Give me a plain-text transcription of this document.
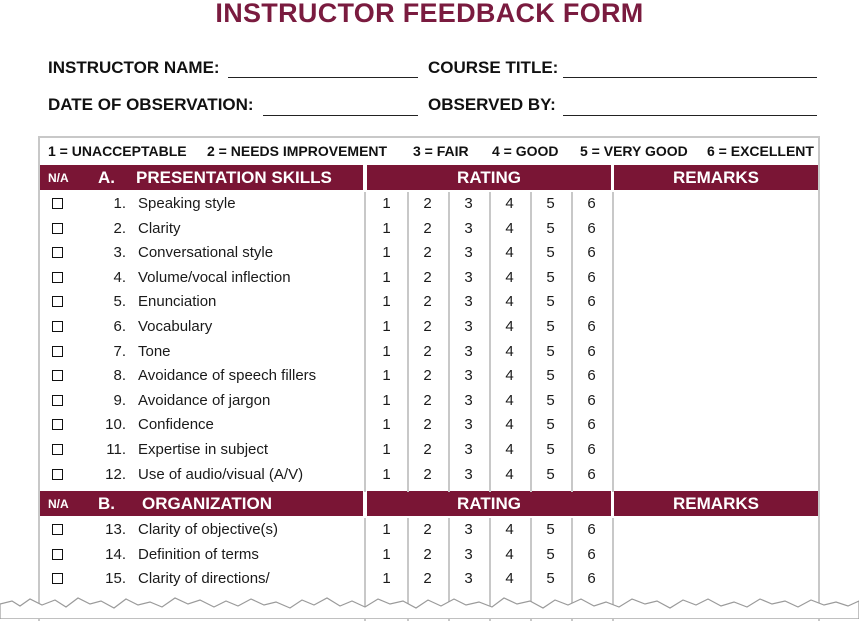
INSTRUCTOR FEEDBACK FORM
INSTRUCTOR NAME:	COURSE TITLE:
DATE OF OBSERVATION:	OBSERVED BY:
1 = UNACCEPTABLE 2 = NEEDS IMPROVEMENT 3 = FAIR 4 = GOOD 5 = VERY GOOD 6 = EXCELLENT
N/A A. PRESENTATION SKILLS	RATING	REMARKS
1. Speaking style	1	2	3	4	5	6
2. Clarity	1	2	3	4	5	6
3. Conversational style	1	2	3	4	5	6
4. Volume/vocal inflection	1	2	3	4	5	6
5. Enunciation	1	2	3	4	5	6
6. Vocabulary	1	2	3	4	5	6
7. Tone	1	2	3	4	5	6
8. Avoidance of speech fillers	1	2	3	4	5	6
9. Avoidance of jargon	1	2	3	4	5	6
10. Confidence	1	2	3	4	5	6
11. Expertise in subject	1	2	3	4	5	6
12. Use of audio/visual (A/V)	1	2	3	4	5	6
N/A B. ORGANIZATION	RATING	REMARKS
13. Clarity of objective(s)	1	2	3	4	5	6
14. Definition of terms	1	2	3	4	5	6
15. Clarity of directions/	1	2	3	4	5	6
